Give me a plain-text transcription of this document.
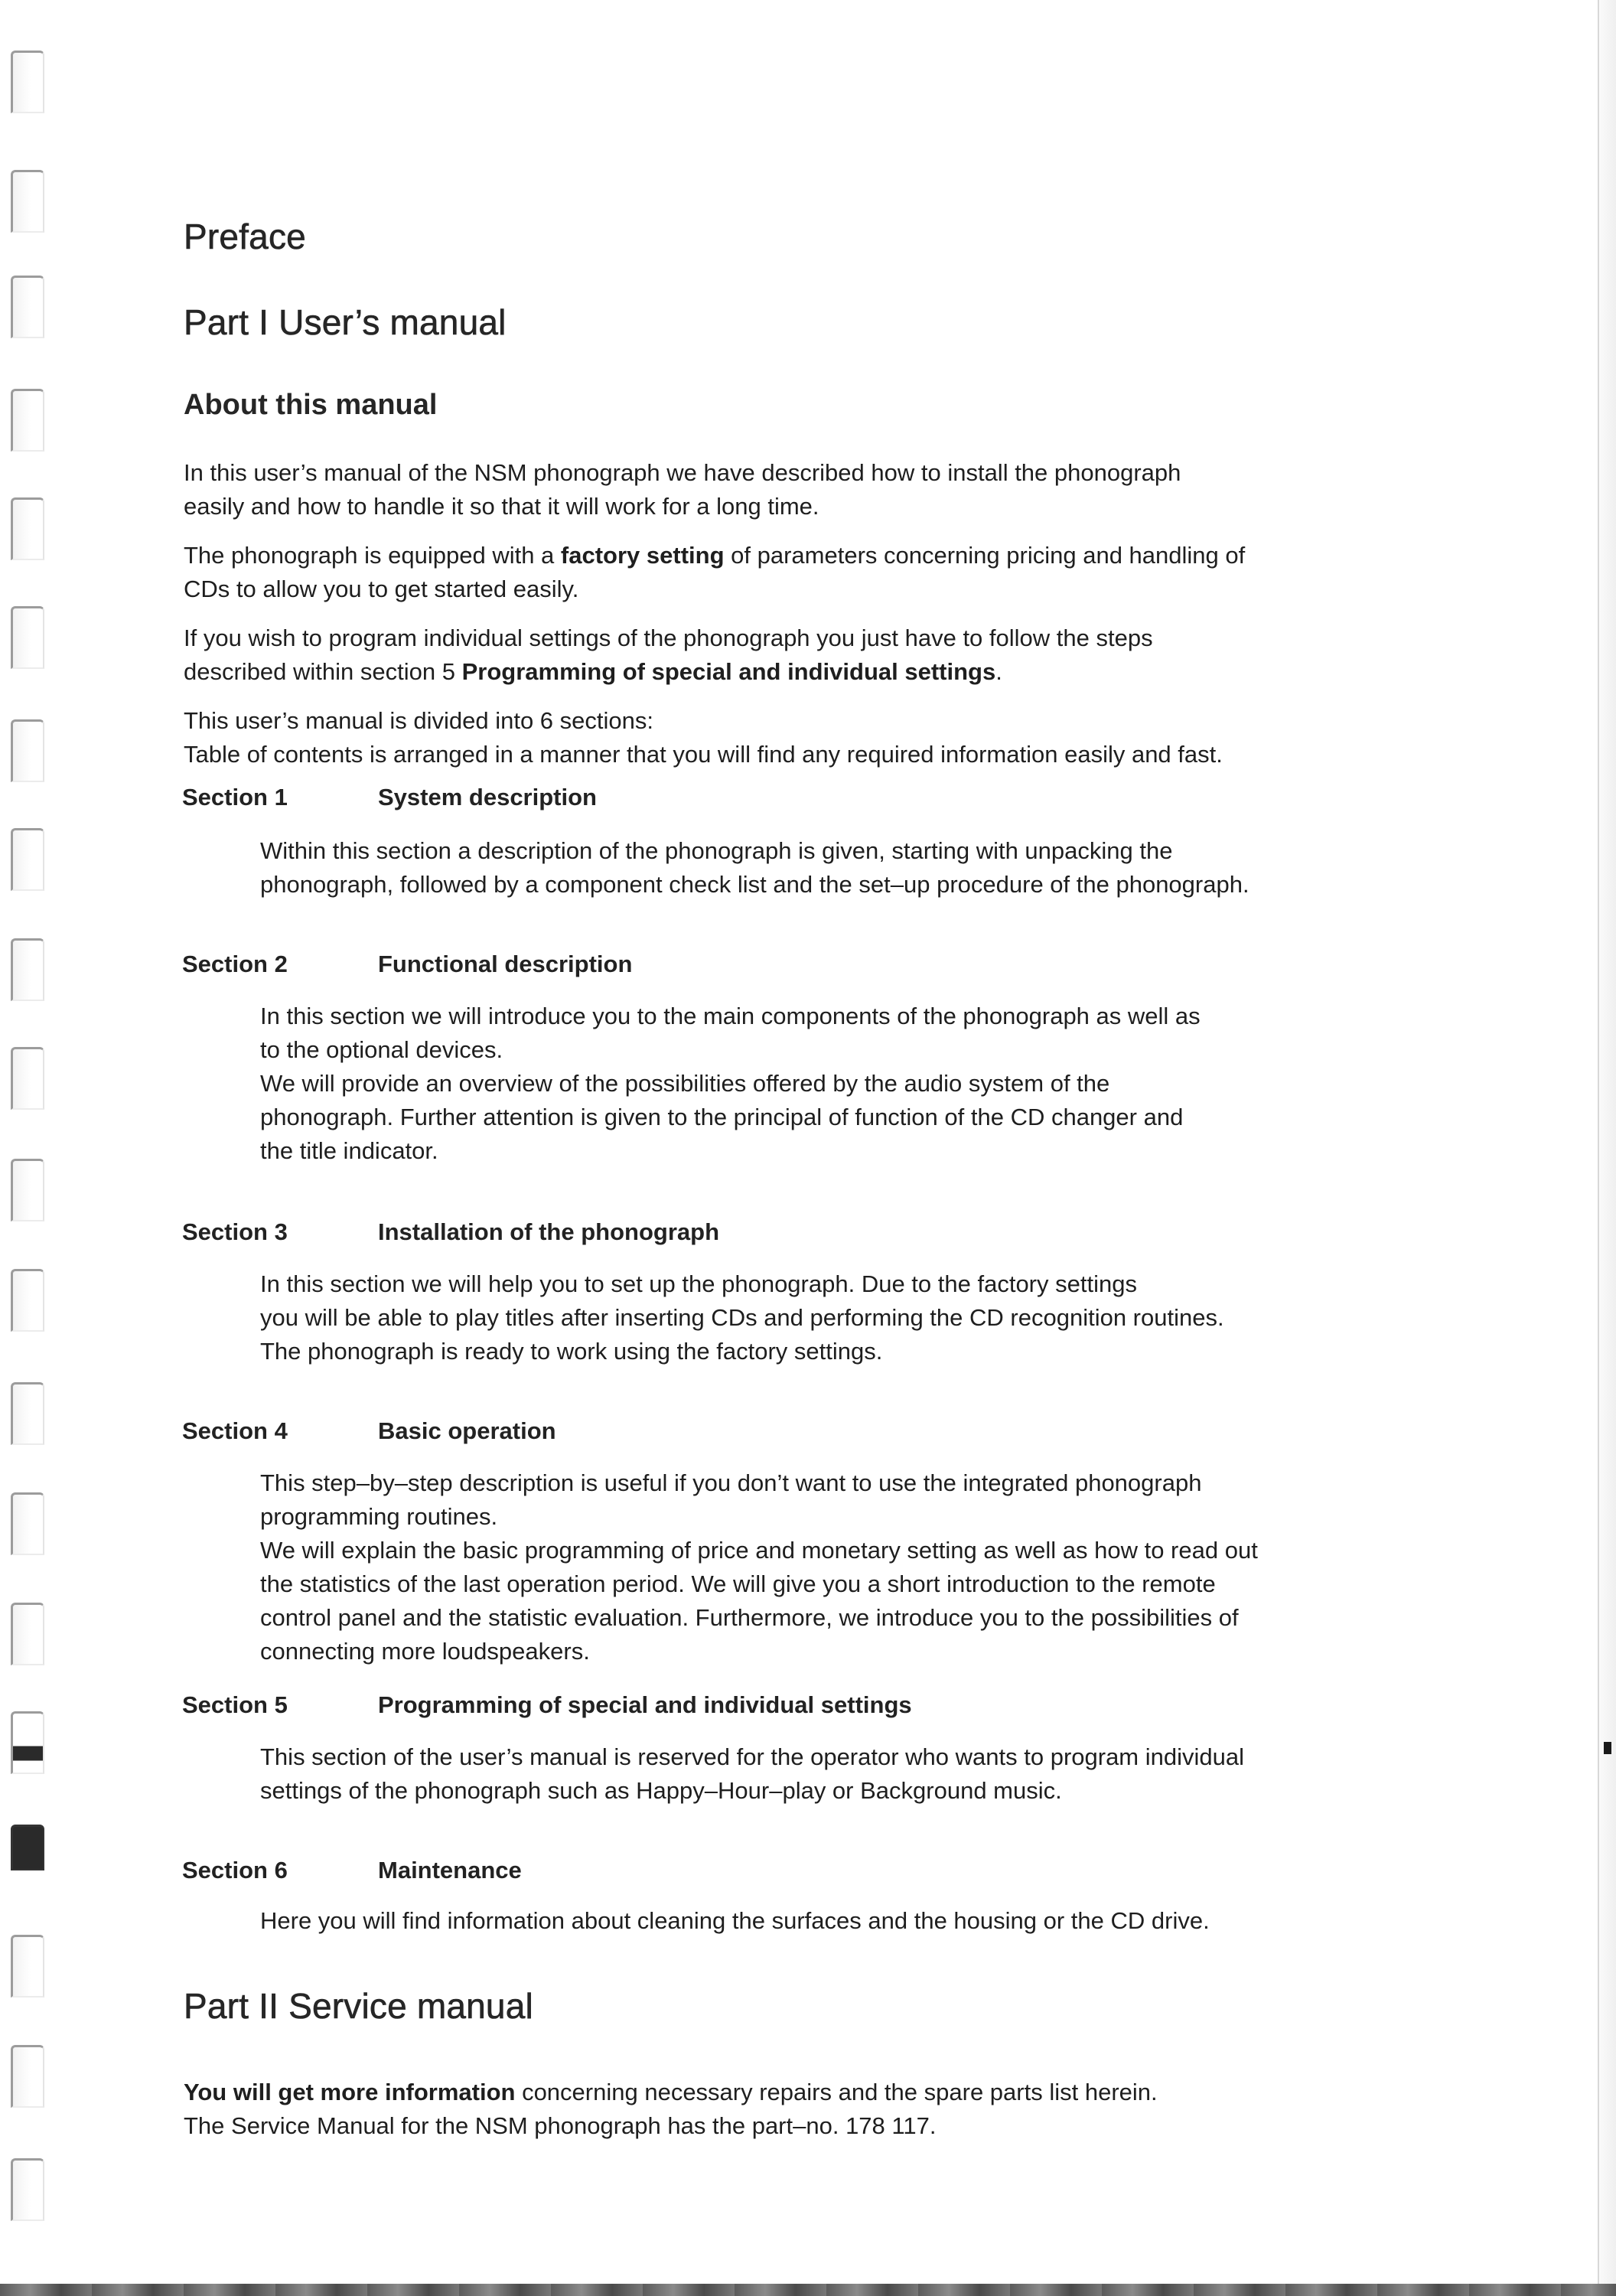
Preface
Part I User’s manual
About this manual

In this user’s manual of the NSM phonograph we have described how to install the phonograph
easily and how to handle it so that it will work for a long time.

The phonograph is equipped with a factory setting of parameters concerning pricing and handling of
CDs to allow you to get started easily.

If you wish to program individual settings of the phonograph you just have to follow the steps
described within section 5 Programming of special and individual settings.

This user’s manual is divided into 6 sections:
Table of contents is arranged in a manner that you will find any required information easily and fast.

Section 1	System description

Within this section a description of the phonograph is given, starting with unpacking the
phonograph, followed by a component check list and the set–up procedure of the phonograph.

Section 2	Functional description

In this section we will introduce you to the main components of the phonograph as well as
to the optional devices.
We will provide an overview of the possibilities offered by the audio system of the
phonograph. Further attention is given to the principal of function of the CD changer and
the title indicator.

Section 3	Installation of the phonograph

In this section we will help you to set up the phonograph. Due to the factory settings
you will be able to play titles after inserting CDs and performing the CD recognition routines.
The phonograph is ready to work using the factory settings.

Section 4	Basic operation

This step–by–step description is useful if you don’t want to use the integrated phonograph
programming routines.
We will explain the basic programming of price and monetary setting as well as how to read out
the statistics of the last operation period. We will give you a short introduction to the remote
control panel and the statistic evaluation. Furthermore, we introduce you to the possibilities of
connecting more loudspeakers.

Section 5	Programming of special and individual settings

This section of the user’s manual is reserved for the operator who wants to program individual
settings of the phonograph such as Happy–Hour–play or Background music.

Section 6	Maintenance

Here you will find information about cleaning the surfaces and the housing or the CD drive.

Part II Service manual

You will get more information concerning necessary repairs and the spare parts list herein.
The Service Manual for the NSM phonograph has the part–no. 178 117.
